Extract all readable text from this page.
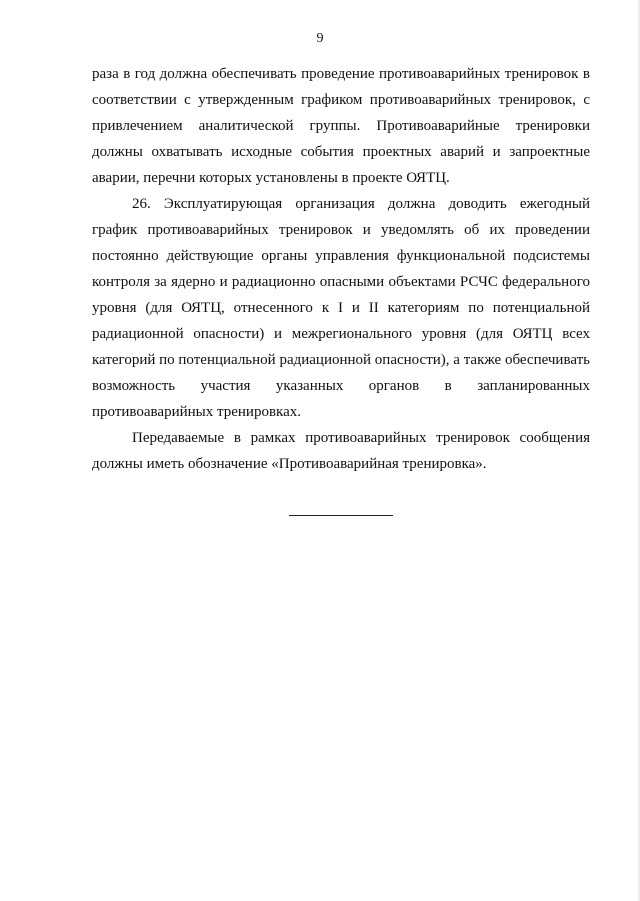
9

раза в год должна обеспечивать проведение противоаварийных тренировок в соответствии с утвержденным графиком противоаварийных тренировок, с привлечением аналитической группы. Противоаварийные тренировки должны охватывать исходные события проектных аварий и запроектные аварии, перечни которых установлены в проекте ОЯТЦ.

26. Эксплуатирующая организация должна доводить ежегодный график противоаварийных тренировок и уведомлять об их проведении постоянно действующие органы управления функциональной подсистемы контроля за ядерно и радиационно опасными объектами РСЧС федерального уровня (для ОЯТЦ, отнесенного к I и II категориям по потенциальной радиационной опасности) и межрегионального уровня (для ОЯТЦ всех категорий по потенциальной радиационной опасности), а также обеспечивать возможность участия указанных органов в запланированных противоаварийных тренировках.

Передаваемые в рамках противоаварийных тренировок сообщения должны иметь обозначение «Противоаварийная тренировка».
